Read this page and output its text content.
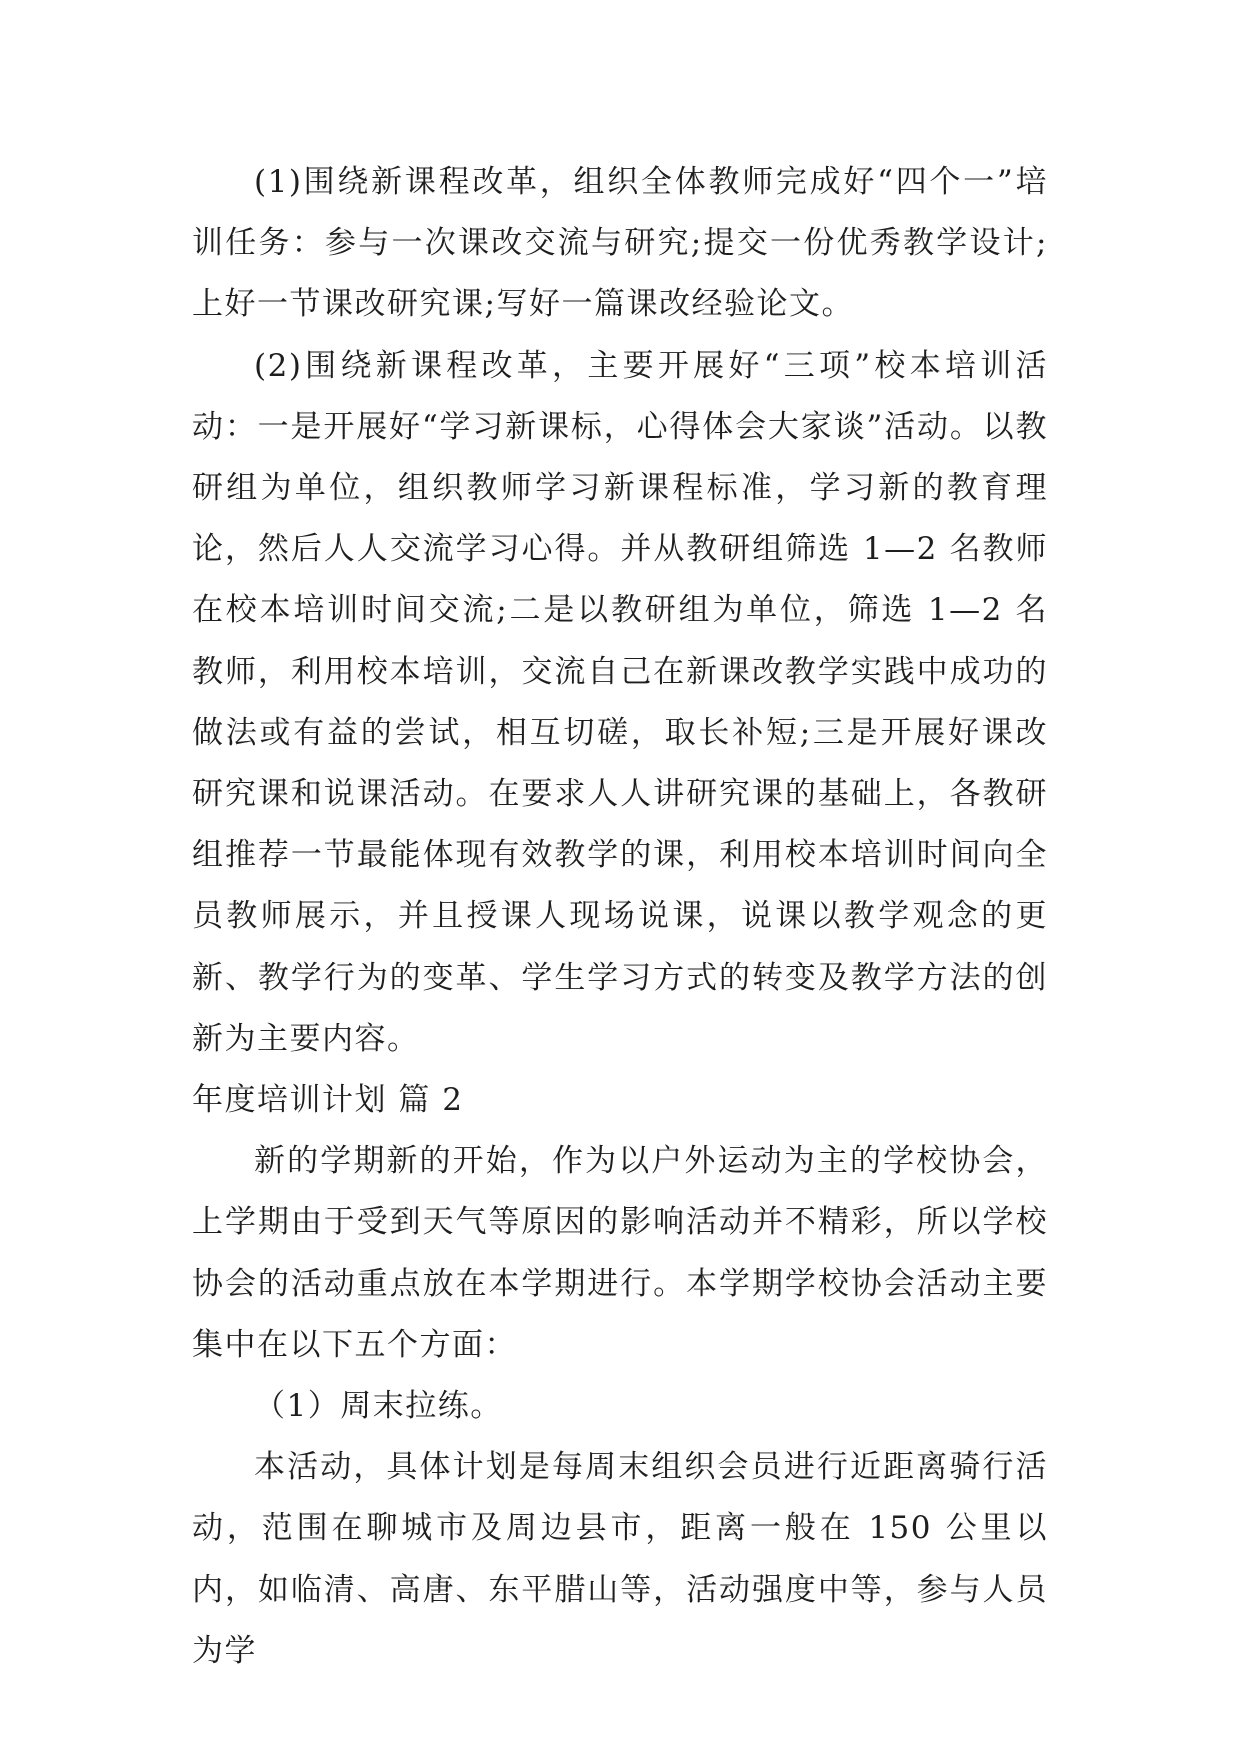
(1)围绕新课程改革，组织全体教师完成好“四个一”培训任务：参与一次课改交流与研究;提交一份优秀教学设计;上好一节课改研究课;写好一篇课改经验论文。

(2)围绕新课程改革，主要开展好“三项”校本培训活动：一是开展好“学习新课标，心得体会大家谈”活动。以教研组为单位，组织教师学习新课程标准，学习新的教育理论，然后人人交流学习心得。并从教研组筛选 1—2 名教师在校本培训时间交流;二是以教研组为单位，筛选 1—2 名教师，利用校本培训，交流自己在新课改教学实践中成功的做法或有益的尝试，相互切磋，取长补短;三是开展好课改研究课和说课活动。在要求人人讲研究课的基础上，各教研组推荐一节最能体现有效教学的课，利用校本培训时间向全员教师展示，并且授课人现场说课，说课以教学观念的更新、教学行为的变革、学生学习方式的转变及教学方法的创新为主要内容。

年度培训计划 篇 2

新的学期新的开始，作为以户外运动为主的学校协会，上学期由于受到天气等原因的影响活动并不精彩，所以学校协会的活动重点放在本学期进行。本学期学校协会活动主要集中在以下五个方面：

（1）周末拉练。

本活动，具体计划是每周末组织会员进行近距离骑行活动，范围在聊城市及周边县市，距离一般在 150 公里以内，如临清、高唐、东平腊山等，活动强度中等，参与人员为学
